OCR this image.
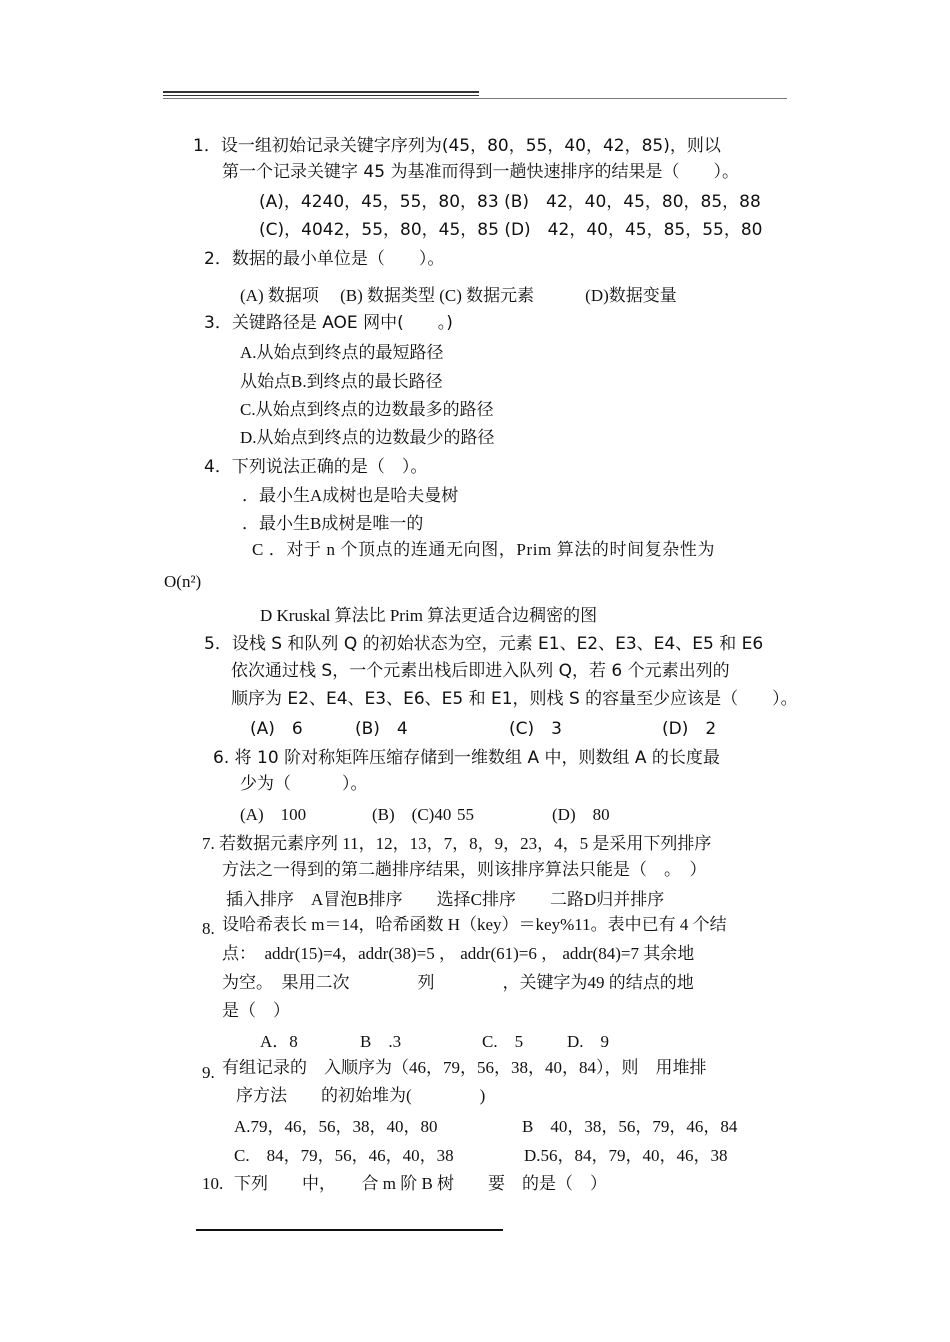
1．设一组初始记录关键字序列为(45，80，55，40，42，85)，则以
第一个记录关键字 45 为基准而得到一趟快速排序的结果是（　　）。
(A)，4240，45，55，80，83 (B)　42，40，45，80，85，88
(C)，4042，55，80，45，85 (D)　42，40，45，85，55，80
2．数据的最小单位是（　　）。
(A) 数据项　 (B) 数据类型 (C) 数据元素　　　(D)数据变量
3．关键路径是 AOE 网中(　　。)
A.从始点到终点的最短路径
从始点B.到终点的最长路径
C.从始点到终点的边数最多的路径
D.从始点到终点的边数最少的路径
4．下列说法正确的是（　）。
．最小生A成树也是哈夫曼树
．最小生B成树是唯一的
C ．对于 n 个顶点的连通无向图，Prim 算法的时间复杂性为
O(n²)
D Kruskal 算法比 Prim 算法更适合边稠密的图
5．设栈 S 和队列 Q 的初始状态为空，元素 E1、E2、E3、E4、E5 和 E6
依次通过栈 S，一个元素出栈后即进入队列 Q，若 6 个元素出列的
顺序为 E2、E4、E3、E6、E5 和 E1，则栈 S 的容量至少应该是（　　）。
(A)　6	(B)　4	(C)　3	(D)　2
6. 将 10 阶对称矩阵压缩存储到一维数组 A 中，则数组 A 的长度最
少为（　　　）。
(A)　100	(B)　(C)40 55	(D)　80
7. 若数据元素序列 11，12，13，7，8，9，23，4，5 是采用下列排序
方法之一得到的第二趟排序结果，则该排序算法只能是（　。　）
插入排序　A冒泡B排序　　选择C排序　　二路D归并排序
8. 设哈希表长 m＝14，哈希函数 H（key）＝key%11。表中已有 4 个结
点：　addr(15)=4，addr(38)=5 ， addr(61)=6 ， addr(84)=7 其余地
为空。　果用二次　　　　列　　　　，关键字为49 的结点的地
是（　）
A．8	B　.3	C.　5	D.　9
9. 有组记录的　入顺序为（46，79，56，38，40，84），则　用堆排
序方法　　的初始堆为(　　　　)
A.79，46，56，38，40，80	B　40，38，56，79，46，84
C.　84，79，56，46，40，38	D.56，84，79，40，46，38
10. 下列　　中，　　合 m 阶 B 树　　要　的是（　）
